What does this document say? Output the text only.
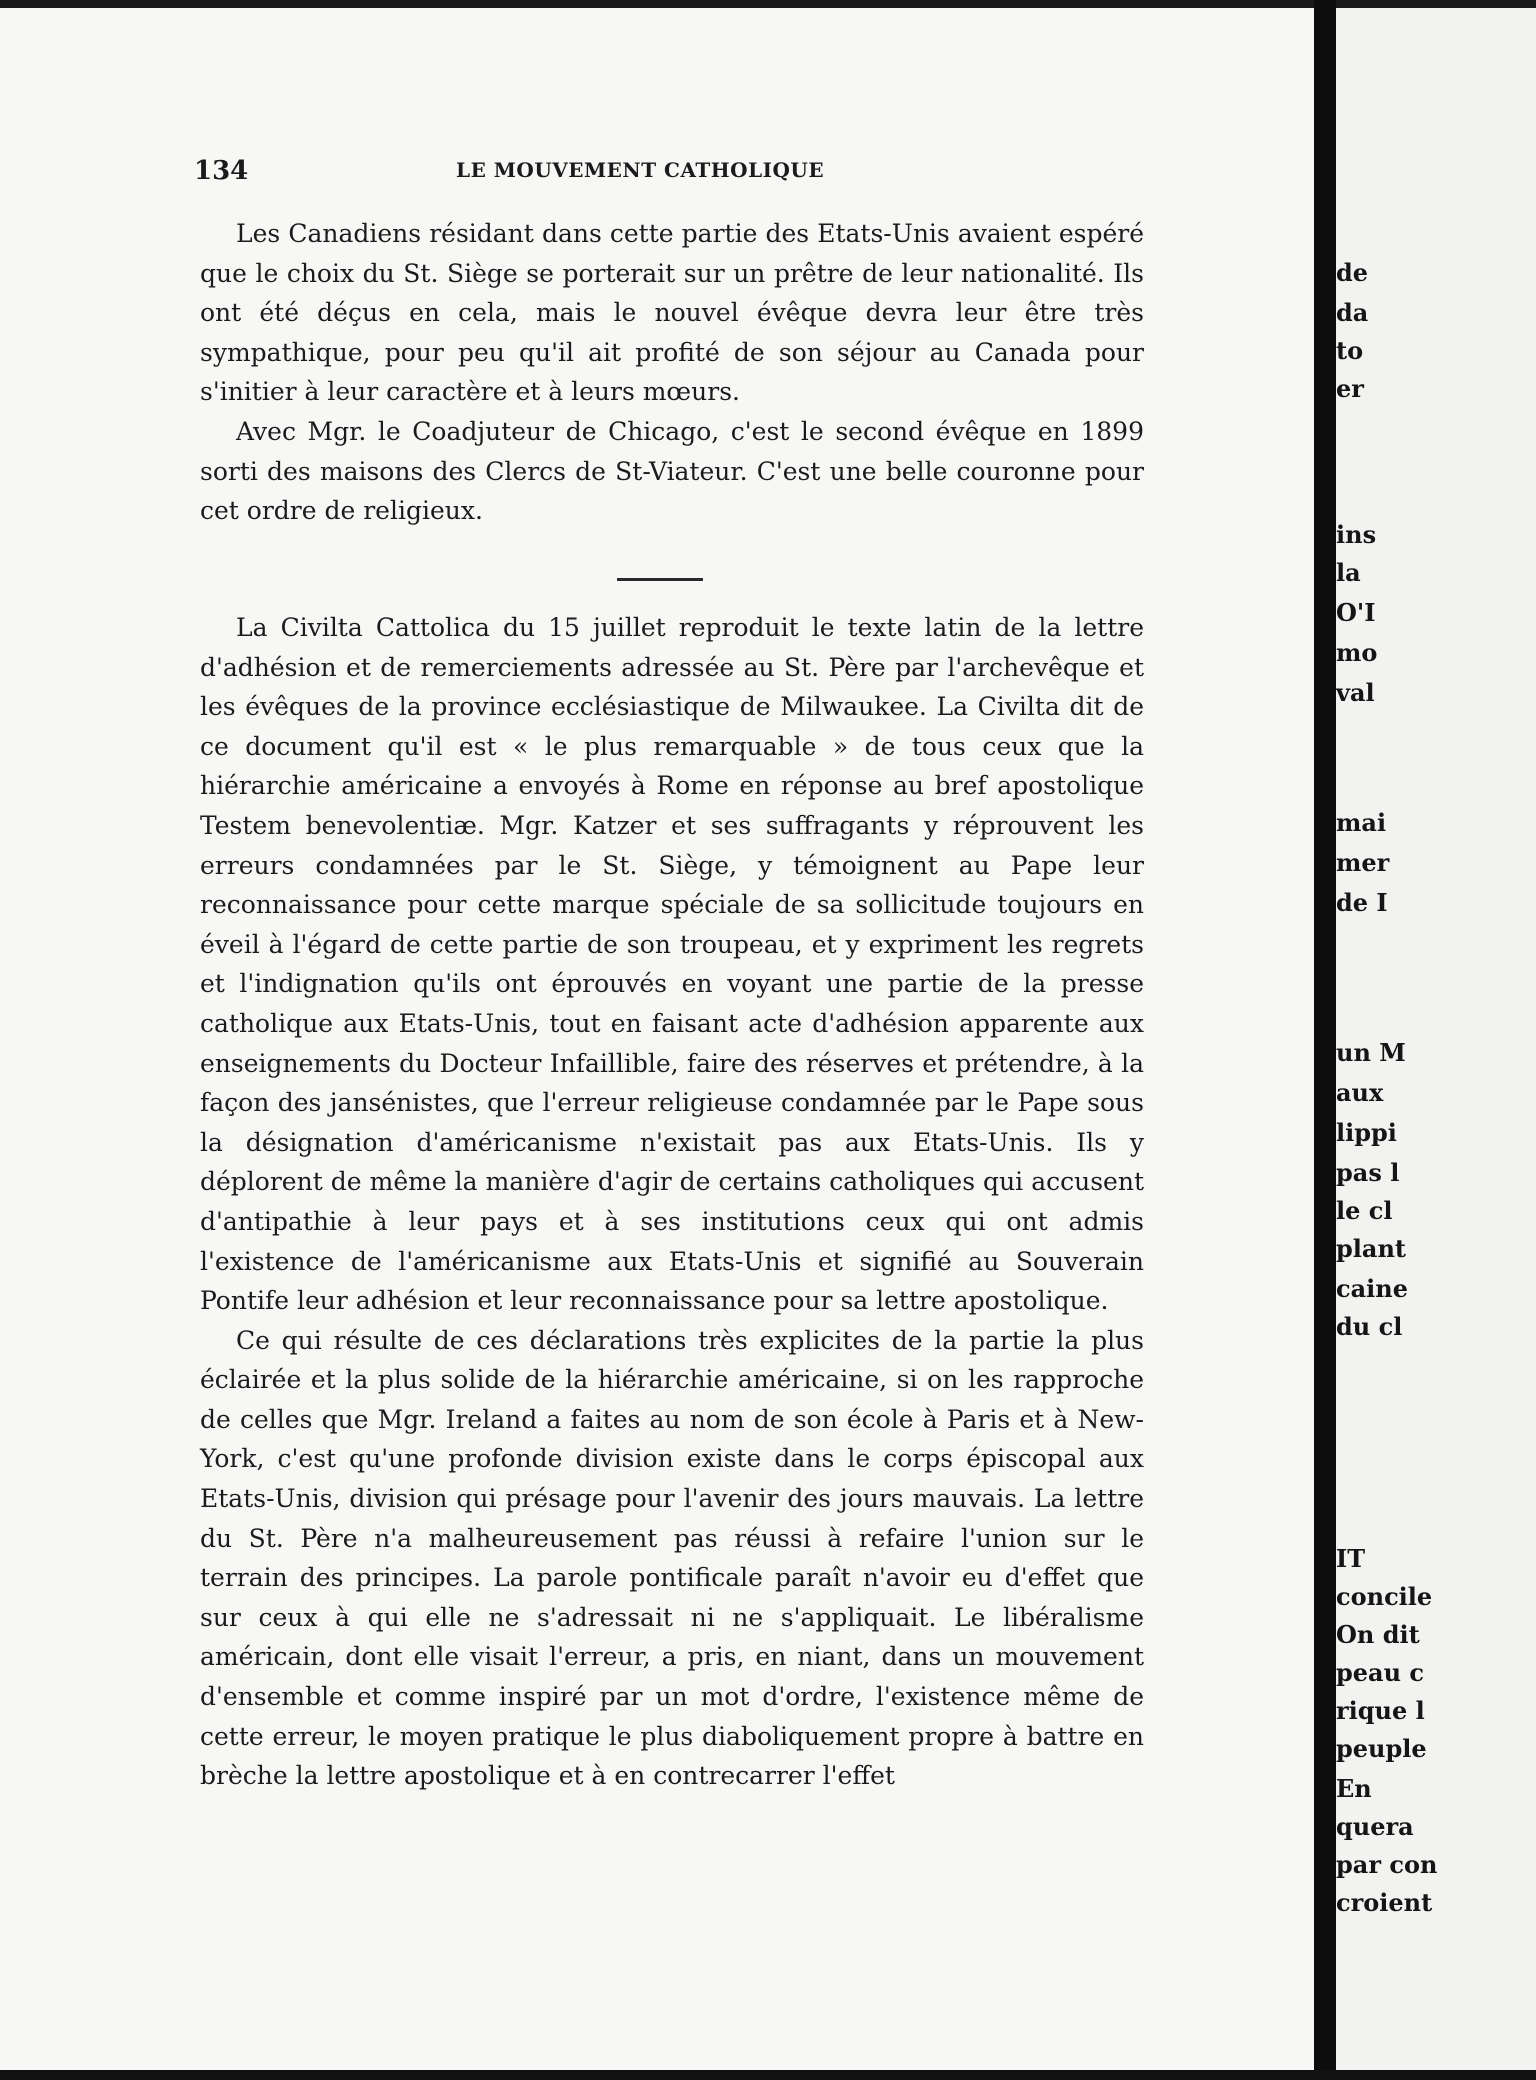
134	LE MOUVEMENT CATHOLIQUE

Les Canadiens résidant dans cette partie des Etats-Unis avaient espéré que le choix du St. Siège se porterait sur un prêtre de leur nationalité. Ils ont été déçus en cela, mais le nouvel évêque devra leur être très sympathique, pour peu qu'il ait profité de son séjour au Canada pour s'initier à leur caractère et à leurs mœurs.

Avec Mgr. le Coadjuteur de Chicago, c'est le second évêque en 1899 sorti des maisons des Clercs de St-Viateur. C'est une belle couronne pour cet ordre de religieux.

La Civilta Cattolica du 15 juillet reproduit le texte latin de la lettre d'adhésion et de remerciements adressée au St. Père par l'archevêque et les évêques de la province ecclésiastique de Milwaukee. La Civilta dit de ce document qu'il est « le plus remarquable » de tous ceux que la hiérarchie américaine a envoyés à Rome en réponse au bref apostolique Testem benevolentiæ. Mgr. Katzer et ses suffragants y réprouvent les erreurs condamnées par le St. Siège, y témoignent au Pape leur reconnaissance pour cette marque spéciale de sa sollicitude toujours en éveil à l'égard de cette partie de son troupeau, et y expriment les regrets et l'indignation qu'ils ont éprouvés en voyant une partie de la presse catholique aux Etats-Unis, tout en faisant acte d'adhésion apparente aux enseignements du Docteur Infaillible, faire des réserves et prétendre, à la façon des jansénistes, que l'erreur religieuse condamnée par le Pape sous la désignation d'américanisme n'existait pas aux Etats-Unis. Ils y déplorent de même la manière d'agir de certains catholiques qui accusent d'antipathie à leur pays et à ses institutions ceux qui ont admis l'existence de l'américanisme aux Etats-Unis et signifié au Souverain Pontife leur adhésion et leur reconnaissance pour sa lettre apostolique.

Ce qui résulte de ces déclarations très explicites de la partie la plus éclairée et la plus solide de la hiérarchie américaine, si on les rapproche de celles que Mgr. Ireland a faites au nom de son école à Paris et à New-York, c'est qu'une profonde division existe dans le corps épiscopal aux Etats-Unis, division qui présage pour l'avenir des jours mauvais. La lettre du St. Père n'a malheureusement pas réussi à refaire l'union sur le terrain des principes. La parole pontificale paraît n'avoir eu d'effet que sur ceux à qui elle ne s'adressait ni ne s'appliquait. Le libéralisme américain, dont elle visait l'erreur, a pris, en niant, dans un mouvement d'ensemble et comme inspiré par un mot d'ordre, l'existence même de cette erreur, le moyen pratique le plus diaboliquement propre à battre en brèche la lettre apostolique et à en contrecarrer l'effet

de
da
to
er
ins
la
O'I
mo
val
mai
mer
de I
un M
aux
lippi
pas l
le cl
plant
caine
du cl
IT
concile
On dit
peau c
rique l
peuple
En
quera
par con
croient
